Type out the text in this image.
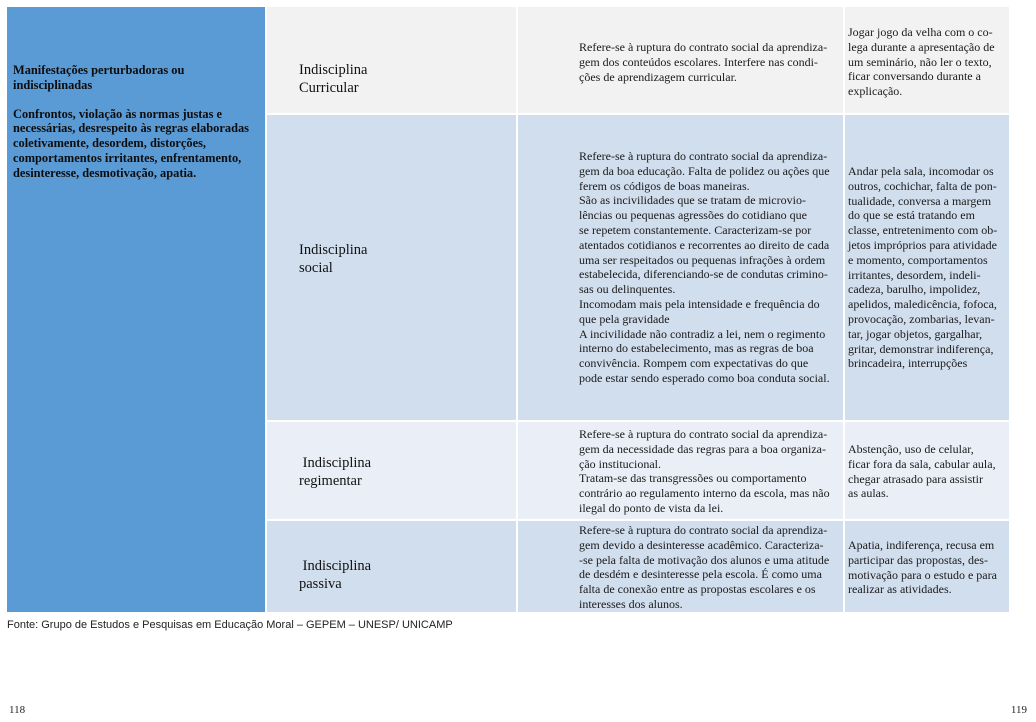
Manifestações perturbadoras ou indisciplinadas

Confrontos, violação às normas justas e necessárias, desrespeito às regras elaboradas coletivamente, desordem, distorções, comportamentos irritantes, enfrentamento, desinteresse, desmotivação, apatia.

Indisciplina
Curricular
Refere-se à ruptura do contrato social da aprendiza-
gem dos conteúdos escolares. Interfere nas condi-
ções de aprendizagem curricular.
Jogar jogo da velha com o co-
lega durante a apresentação de
um seminário, não ler o texto,
ficar conversando durante a
explicação.
Indisciplina
social
Refere-se à ruptura do contrato social da aprendiza-
gem da boa educação. Falta de polidez ou ações que
ferem os códigos de boas maneiras.
São as incivilidades que se tratam de microvio-
lências ou pequenas agressões do cotidiano que
se repetem constantemente. Caracterizam-se por
atentados cotidianos e recorrentes ao direito de cada
uma ser respeitados ou pequenas infrações à ordem
estabelecida, diferenciando-se de condutas crimino-
sas ou delinquentes.
Incomodam mais pela intensidade e frequência do
que pela gravidade
A incivilidade não contradiz a lei, nem o regimento
interno do estabelecimento, mas as regras de boa
convivência. Rompem com expectativas do que
pode estar sendo esperado como boa conduta social.
Andar pela sala, incomodar os
outros, cochichar, falta de pon-
tualidade, conversa a margem
do que se está tratando em
classe, entretenimento com ob-
jetos impróprios para atividade
e momento, comportamentos
irritantes, desordem, indeli-
cadeza, barulho, impolidez,
apelidos, maledicência, fofoca,
provocação, zombarias, levan-
tar, jogar objetos, gargalhar,
gritar, demonstrar indiferença,
brincadeira, interrupções
Indisciplina
regimentar
Refere-se à ruptura do contrato social da aprendiza-
gem da necessidade das regras para a boa organiza-
ção institucional.
Tratam-se das transgressões ou comportamento
contrário ao regulamento interno da escola, mas não
ilegal do ponto de vista da lei.
Abstenção, uso de celular,
ficar fora da sala, cabular aula,
chegar atrasado para assistir
as aulas.
Indisciplina
passiva
Refere-se à ruptura do contrato social da aprendiza-
gem devido a desinteresse acadêmico. Caracteriza-
-se pela falta de motivação dos alunos e uma atitude
de desdém e desinteresse pela escola. É como uma
falta de conexão entre as propostas escolares e os
interesses dos alunos.
Apatia, indiferença, recusa em
participar das propostas, des-
motivação para o estudo e para
realizar as atividades.
Fonte: Grupo de Estudos e Pesquisas em Educação Moral – GEPEM – UNESP/ UNICAMP
118	119
